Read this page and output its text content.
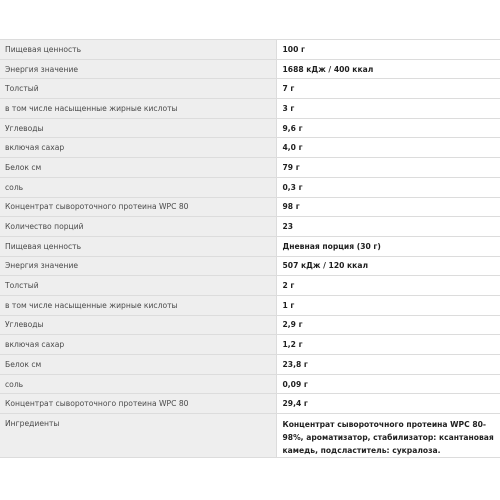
Пищевая ценность	100 г
Энергия значение	1688 кДж / 400 ккал
Толстый	7 г
в том числе насыщенные жирные кислоты	3 г
Углеводы	9,6 г
включая сахар	4,0 г
Белок см	79 г
соль	0,3 г
Концентрат сывороточного протеина WPC 80	98 г
Количество порций	23
Пищевая ценность	Дневная порция (30 г)
Энергия значение	507 кДж / 120 ккал
Толстый	2 г
в том числе насыщенные жирные кислоты	1 г
Углеводы	2,9 г
включая сахар	1,2 г
Белок см	23,8 г
соль	0,09 г
Концентрат сывороточного протеина WPC 80	29,4 г
Ингредиенты	Концентрат сывороточного протеина WPC 80-98%, ароматизатор, стабилизатор: ксантановая камедь, подсластитель: сукралоза.
